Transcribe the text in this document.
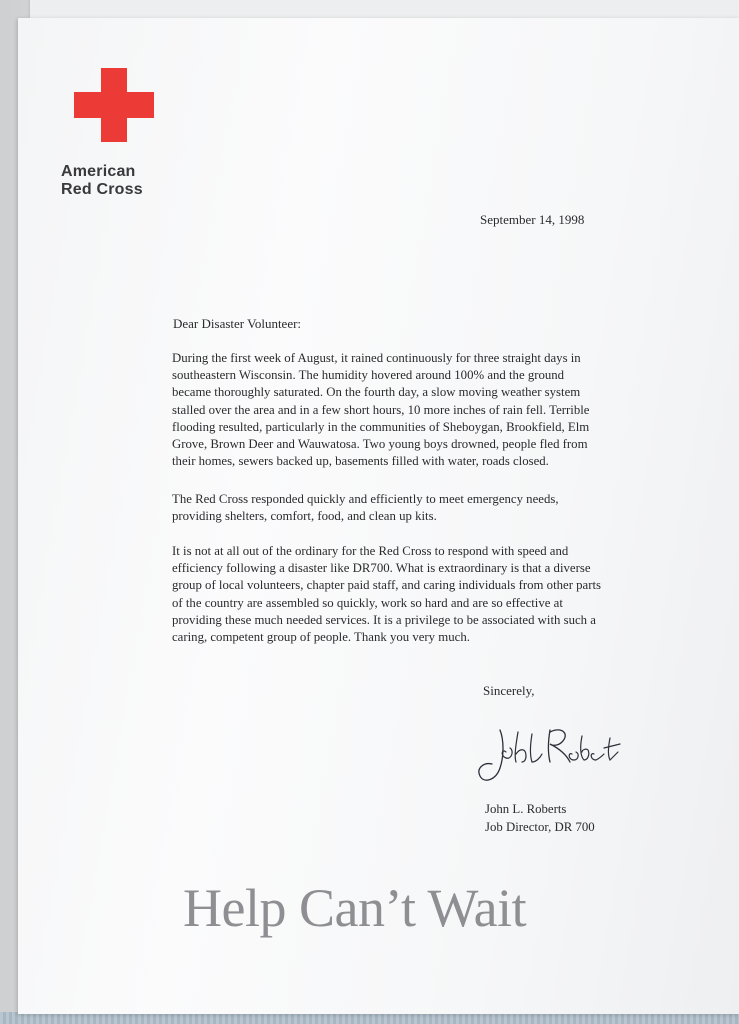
American
Red Cross
September 14, 1998
Dear Disaster Volunteer:
During the first week of August, it rained continuously for three straight days in
southeastern Wisconsin. The humidity hovered around 100% and the ground
became thoroughly saturated. On the fourth day, a slow moving weather system
stalled over the area and in a few short hours, 10 more inches of rain fell. Terrible
flooding resulted, particularly in the communities of Sheboygan, Brookfield, Elm
Grove, Brown Deer and Wauwatosa. Two young boys drowned, people fled from
their homes, sewers backed up, basements filled with water, roads closed.
The Red Cross responded quickly and efficiently to meet emergency needs,
providing shelters, comfort, food, and clean up kits.
It is not at all out of the ordinary for the Red Cross to respond with speed and
efficiency following a disaster like DR700. What is extraordinary is that a diverse
group of local volunteers, chapter paid staff, and caring individuals from other parts
of the country are assembled so quickly, work so hard and are so effective at
providing these much needed services. It is a privilege to be associated with such a
caring, competent group of people. Thank you very much.
Sincerely,
John L. Roberts
Job Director, DR 700
Help Can’t Wait
